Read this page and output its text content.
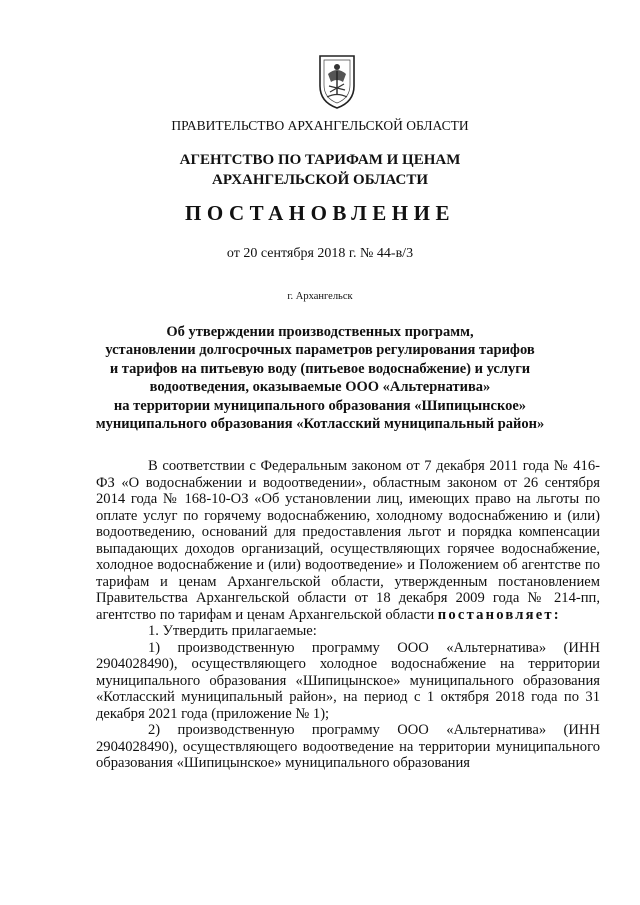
ПРАВИТЕЛЬСТВО АРХАНГЕЛЬСКОЙ ОБЛАСТИ
АГЕНТСТВО ПО ТАРИФАМ И ЦЕНАМ
АРХАНГЕЛЬСКОЙ ОБЛАСТИ
ПОСТАНОВЛЕНИЕ
от 20 сентября 2018 г. № 44-в/3
г. Архангельск
Об утверждении производственных программ,
установлении долгосрочных параметров регулирования тарифов
и тарифов на питьевую воду (питьевое водоснабжение) и услуги
водоотведения, оказываемые ООО «Альтернатива»
на территории муниципального образования «Шипицынское»
муниципального образования «Котласский муниципальный район»

В соответствии с Федеральным законом от 7 декабря 2011 года № 416-ФЗ «О водоснабжении и водоотведении», областным законом от 26 сентября 2014 года № 168-10-ОЗ «Об установлении лиц, имеющих право на льготы по оплате услуг по горячему водоснабжению, холодному водоснабжению и (или) водоотведению, оснований для предоставления льгот и порядка компенсации выпадающих доходов организаций, осуществляющих горячее водоснабжение, холодное водоснабжение и (или) водоотведение» и Положением об агентстве по тарифам и ценам Архангельской области, утвержденным постановлением Правительства Архангельской области от 18 декабря 2009 года № 214-пп, агентство по тарифам и ценам Архангельской области постановляет:

1. Утвердить прилагаемые:

1) производственную программу ООО «Альтернатива» (ИНН 2904028490), осуществляющего холодное водоснабжение на территории муниципального образования «Шипицынское» муниципального образования «Котласский муниципальный район», на период с 1 октября 2018 года по 31 декабря 2021 года (приложение № 1);

2) производственную программу ООО «Альтернатива» (ИНН 2904028490), осуществляющего водоотведение на территории муниципального образования «Шипицынское» муниципального образования
